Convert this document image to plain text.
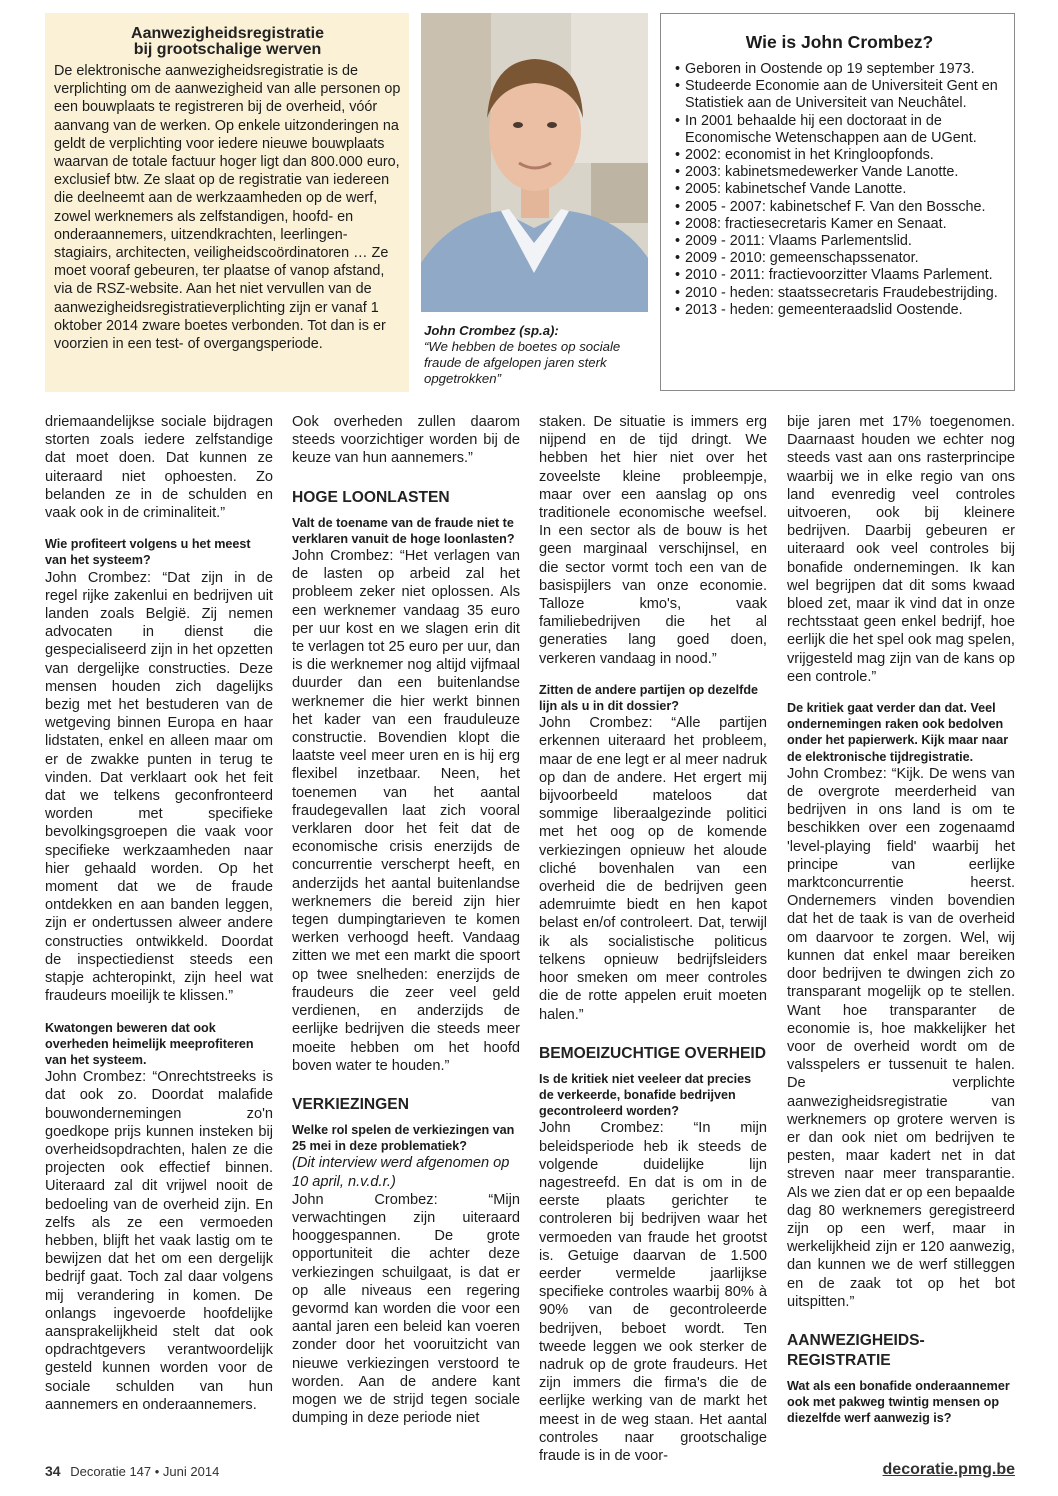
Aanwezigheidsregistratie
bij grootschalige werven

De elektronische aanwezigheidsregistratie is de verplichting om de aanwezigheid van alle personen op een bouwplaats te registreren bij de overheid, vóór aanvang van de werken. Op enkele uitzonderingen na geldt de verplichting voor iedere nieuwe bouwplaats waarvan de totale factuur hoger ligt dan 800.000 euro, exclusief btw. Ze slaat op de registratie van iedereen die deelneemt aan de werkzaamheden op de werf, zowel werknemers als zelfstandigen, hoofd- en onderaannemers, uitzendkrachten, leerlingen-stagiairs, architecten, veiligheidscoördinatoren … Ze moet vooraf gebeuren, ter plaatse of vanop afstand, via de RSZ-website. Aan het niet vervullen van de aanwezigheidsregistratieverplichting zijn er vanaf 1 oktober 2014 zware boetes verbonden. Tot dan is er voorzien in een test- of overgangsperiode.

John Crombez (sp.a):
“We hebben de boetes op sociale fraude de afgelopen jaren sterk opgetrokken”
Wie is John Crombez?
• Geboren in Oostende op 19 september 1973.
• Studeerde Economie aan de Universiteit Gent en Statistiek aan de Universiteit van Neuchâtel.
• In 2001 behaalde hij een doctoraat in de Economische Wetenschappen aan de UGent.
• 2002: economist in het Kringloopfonds.
• 2003: kabinetsmedewerker Vande Lanotte.
• 2005: kabinetschef Vande Lanotte.
• 2005 - 2007: kabinetschef F. Van den Bossche.
• 2008: fractiesecretaris Kamer en Senaat.
• 2009 - 2011: Vlaams Parlementslid.
• 2009 - 2010: gemeenschapssenator.
• 2010 - 2011: fractievoorzitter Vlaams Parlement.
• 2010 - heden: staatssecretaris Fraudebestrijding.
• 2013 - heden: gemeenteraadslid Oostende.

driemaandelijkse sociale bijdragen storten zoals iedere zelfstandige dat moet doen. Dat kunnen ze uiteraard niet ophoesten. Zo belanden ze in de schulden en vaak ook in de criminaliteit.”

Wie profiteert volgens u het meest van het systeem?

John Crombez: “Dat zijn in de regel rijke zakenlui en bedrijven uit landen zoals België. Zij nemen advocaten in dienst die gespecialiseerd zijn in het opzetten van dergelijke constructies. Deze mensen houden zich dagelijks bezig met het bestuderen van de wetgeving binnen Europa en haar lidstaten, enkel en alleen maar om er de zwakke punten in terug te vinden. Dat verklaart ook het feit dat we telkens geconfronteerd worden met specifieke bevolkingsgroepen die vaak voor specifieke werkzaamheden naar hier gehaald worden. Op het moment dat we de fraude ontdekken en aan banden leggen, zijn er ondertussen alweer andere constructies ontwikkeld. Doordat de inspectiedienst steeds een stapje achteropinkt, zijn heel wat fraudeurs moeilijk te klissen.”

Kwatongen beweren dat ook overheden heimelijk meeprofiteren van het systeem.

John Crombez: “Onrechtstreeks is dat ook zo. Doordat malafide bouwondernemingen zo'n goedkope prijs kunnen insteken bij overheidsopdrachten, halen ze die projecten ook effectief binnen. Uiteraard zal dit vrijwel nooit de bedoeling van de overheid zijn. En zelfs als ze een vermoeden hebben, blijft het vaak lastig om te bewijzen dat het om een dergelijk bedrijf gaat. Toch zal daar volgens mij verandering in komen. De onlangs ingevoerde hoofdelijke aansprakelijkheid stelt dat ook opdrachtgevers verantwoordelijk gesteld kunnen worden voor de sociale schulden van hun aannemers en onderaannemers.

Ook overheden zullen daarom steeds voorzichtiger worden bij de keuze van hun aannemers.”

HOGE LOONLASTEN

Valt de toename van de fraude niet te verklaren vanuit de hoge loonlasten?

John Crombez: “Het verlagen van de lasten op arbeid zal het probleem zeker niet oplossen. Als een werknemer vandaag 35 euro per uur kost en we slagen erin dit te verlagen tot 25 euro per uur, dan is die werknemer nog altijd vijfmaal duurder dan een buitenlandse werknemer die hier werkt binnen het kader van een frauduleuze constructie. Bovendien klopt die laatste veel meer uren en is hij erg flexibel inzetbaar. Neen, het toenemen van het aantal fraudegevallen laat zich vooral verklaren door het feit dat de economische crisis enerzijds de concurrentie verscherpt heeft, en anderzijds het aantal buitenlandse werknemers die bereid zijn hier tegen dumpingtarieven te komen werken verhoogd heeft. Vandaag zitten we met een markt die spoort op twee snelheden: enerzijds de fraudeurs die zeer veel geld verdienen, en anderzijds de eerlijke bedrijven die steeds meer moeite hebben om het hoofd boven water te houden.”

VERKIEZINGEN

Welke rol spelen de verkiezingen van 25 mei in deze problematiek?

(Dit interview werd afgenomen op 10 april, n.v.d.r.)

John Crombez: “Mijn verwachtingen zijn uiteraard hooggespannen. De grote opportuniteit die achter deze verkiezingen schuilgaat, is dat er op alle niveaus een regering gevormd kan worden die voor een aantal jaren een beleid kan voeren zonder door het vooruitzicht van nieuwe verkiezingen verstoord te worden. Aan de andere kant mogen we de strijd tegen sociale dumping in deze periode niet

staken. De situatie is immers erg nijpend en de tijd dringt. We hebben het hier niet over het zoveelste kleine probleempje, maar over een aanslag op ons traditionele economische weefsel. In een sector als de bouw is het geen marginaal verschijnsel, en die sector vormt toch een van de basispijlers van onze economie. Talloze kmo's, vaak familiebedrijven die het al generaties lang goed doen, verkeren vandaag in nood.”

Zitten de andere partijen op dezelfde lijn als u in dit dossier?

John Crombez: “Alle partijen erkennen uiteraard het probleem, maar de ene legt er al meer nadruk op dan de andere. Het ergert mij bijvoorbeeld mateloos dat sommige liberaalgezinde politici met het oog op de komende verkiezingen opnieuw het aloude cliché bovenhalen van een overheid die de bedrijven geen ademruimte biedt en hen kapot belast en/of controleert. Dat, terwijl ik als socialistische politicus telkens opnieuw bedrijfsleiders hoor smeken om meer controles die de rotte appelen eruit moeten halen.”

BEMOEIZUCHTIGE OVERHEID

Is de kritiek niet veeleer dat precies de verkeerde, bonafide bedrijven gecontroleerd worden?

John Crombez: “In mijn beleidsperiode heb ik steeds de volgende duidelijke lijn nagestreefd. En dat is om in de eerste plaats gerichter te controleren bij bedrijven waar het vermoeden van fraude het grootst is. Getuige daarvan de 1.500 eerder vermelde jaarlijkse specifieke controles waarbij 80% à 90% van de gecontroleerde bedrijven, beboet wordt. Ten tweede leggen we ook sterker de nadruk op de grote fraudeurs. Het zijn immers die firma's die de eerlijke werking van de markt het meest in de weg staan. Het aantal controles naar grootschalige fraude is in de voor-

bije jaren met 17% toegenomen. Daarnaast houden we echter nog steeds vast aan ons rasterprincipe waarbij we in elke regio van ons land evenredig veel controles uitvoeren, ook bij kleinere bedrijven. Daarbij gebeuren er uiteraard ook veel controles bij bonafide ondernemingen. Ik kan wel begrijpen dat dit soms kwaad bloed zet, maar ik vind dat in onze rechtsstaat geen enkel bedrijf, hoe eerlijk die het spel ook mag spelen, vrijgesteld mag zijn van de kans op een controle.”

De kritiek gaat verder dan dat. Veel ondernemingen raken ook bedolven onder het papierwerk. Kijk maar naar de elektronische tijdregistratie.

John Crombez: “Kijk. De wens van de overgrote meerderheid van bedrijven in ons land is om te beschikken over een zogenaamd 'level-playing field' waarbij het principe van eerlijke marktconcurrentie heerst. Ondernemers vinden bovendien dat het de taak is van de overheid om daarvoor te zorgen. Wel, wij kunnen dat enkel maar bereiken door bedrijven te dwingen zich zo transparant mogelijk op te stellen. Want hoe transparanter de economie is, hoe makkelijker het voor de overheid wordt om de valsspelers er tussenuit te halen. De verplichte aanwezigheidsregistratie van werknemers op grotere werven is er dan ook niet om bedrijven te pesten, maar kadert net in dat streven naar meer transparantie. Als we zien dat er op een bepaalde dag 80 werknemers geregistreerd zijn op een werf, maar in werkelijkheid zijn er 120 aanwezig, dan kunnen we de werf stilleggen en de zaak tot op het bot uitspitten.”

AANWEZIGHEIDS-REGISTRATIE

Wat als een bonafide onderaannemer ook met pakweg twintig mensen op diezelfde werf aanwezig is?

34 Decoratie 147 • Juni 2014	decoratie.pmg.be
